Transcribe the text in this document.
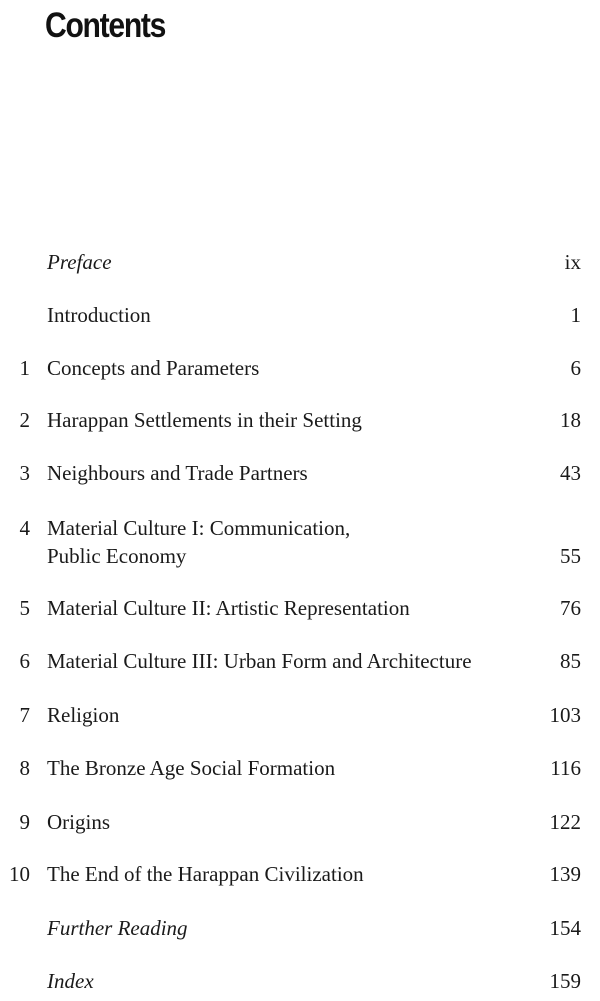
Contents
Preface	ix
Introduction	1
1 Concepts and Parameters	6
2 Harappan Settlements in their Setting	18
3 Neighbours and Trade Partners	43
4 Material Culture I: Communication,
Public Economy	55
5 Material Culture II: Artistic Representation	76
6 Material Culture III: Urban Form and Architecture	85
7 Religion	103
8 The Bronze Age Social Formation	116
9 Origins	122
10 The End of the Harappan Civilization	139
Further Reading	154
Index	159
